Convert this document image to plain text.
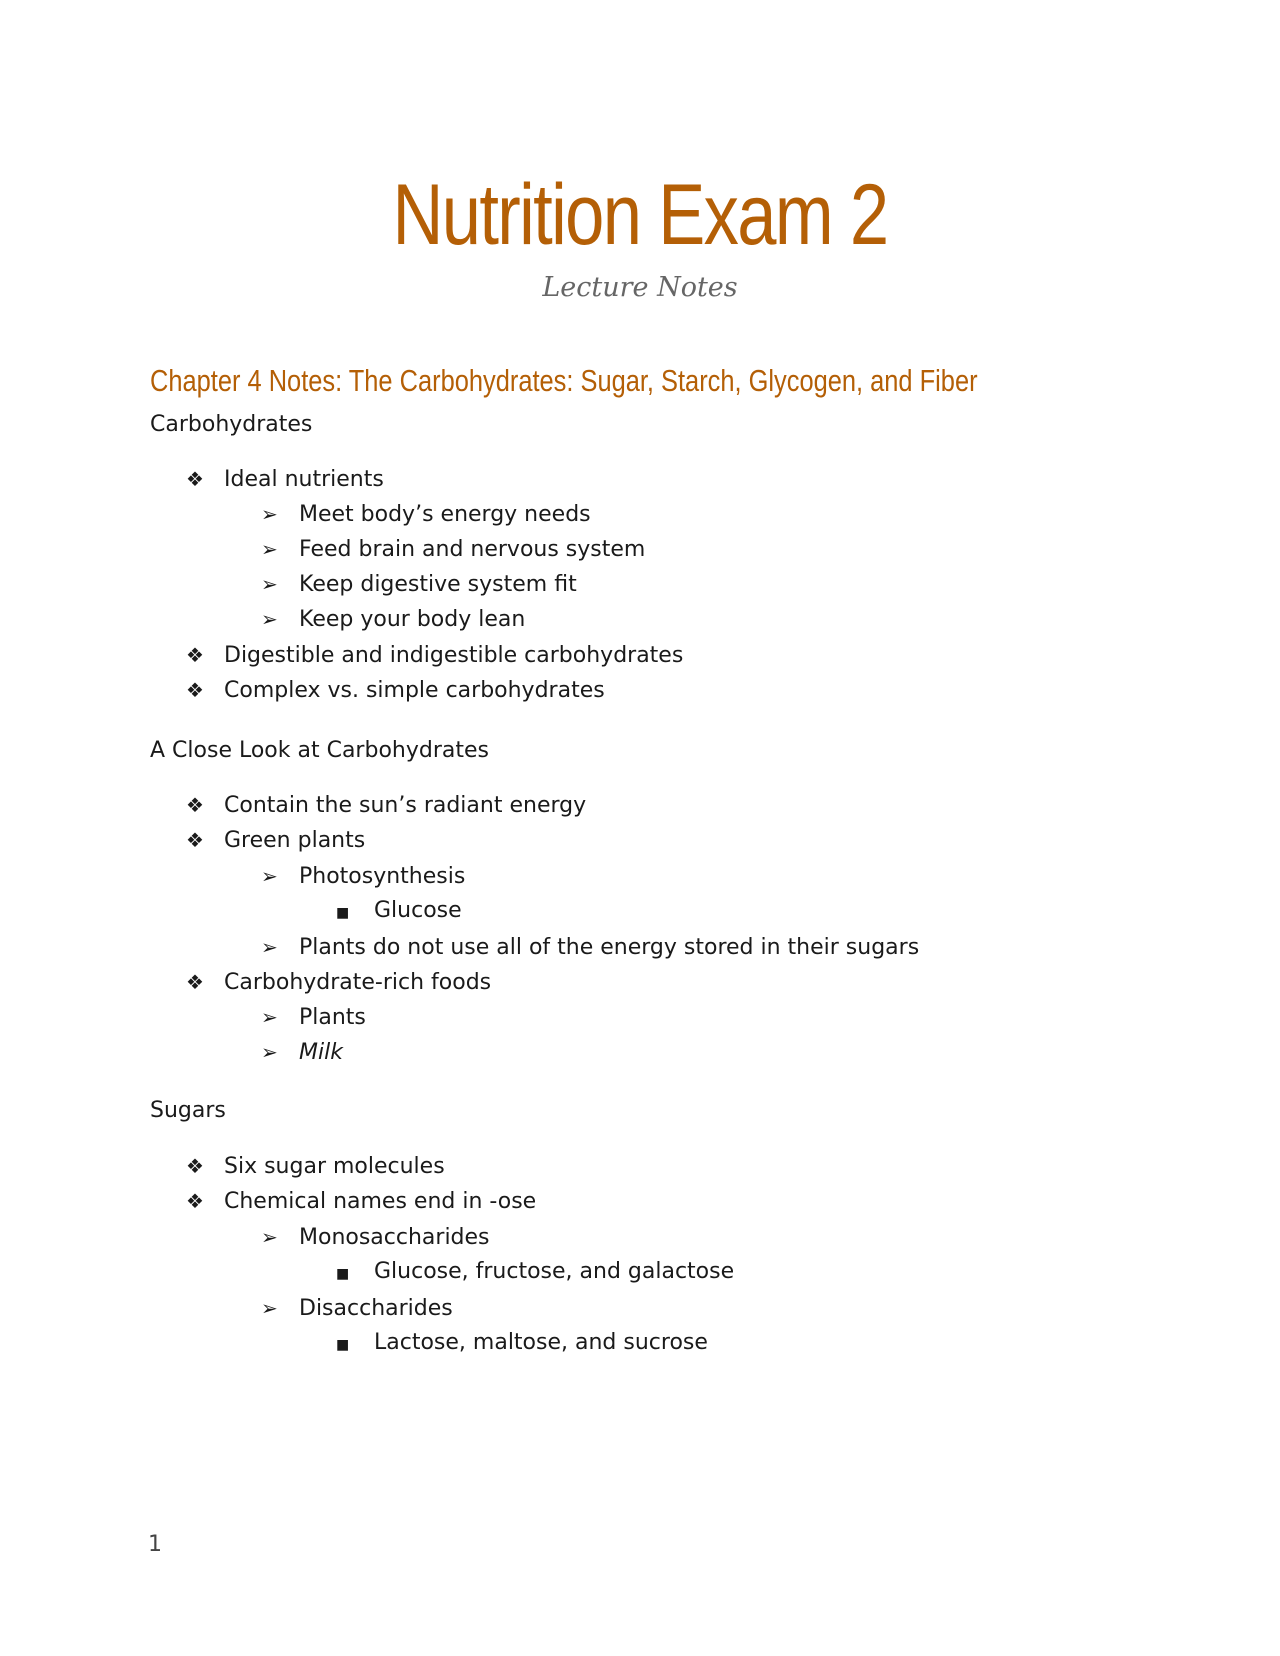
Nutrition Exam 2
Lecture Notes
Chapter 4 Notes: The Carbohydrates: Sugar, Starch, Glycogen, and Fiber
Carbohydrates
❖ Ideal nutrients
➢ Meet body’s energy needs
➢ Feed brain and nervous system
➢ Keep digestive system fit
➢ Keep your body lean
❖ Digestible and indigestible carbohydrates
❖ Complex vs. simple carbohydrates
A Close Look at Carbohydrates
❖ Contain the sun’s radiant energy
❖ Green plants
➢ Photosynthesis
■ Glucose
➢ Plants do not use all of the energy stored in their sugars
❖ Carbohydrate-rich foods
➢ Plants
➢ Milk
Sugars
❖ Six sugar molecules
❖ Chemical names end in -ose
➢ Monosaccharides
■ Glucose, fructose, and galactose
➢ Disaccharides
■ Lactose, maltose, and sucrose
1
